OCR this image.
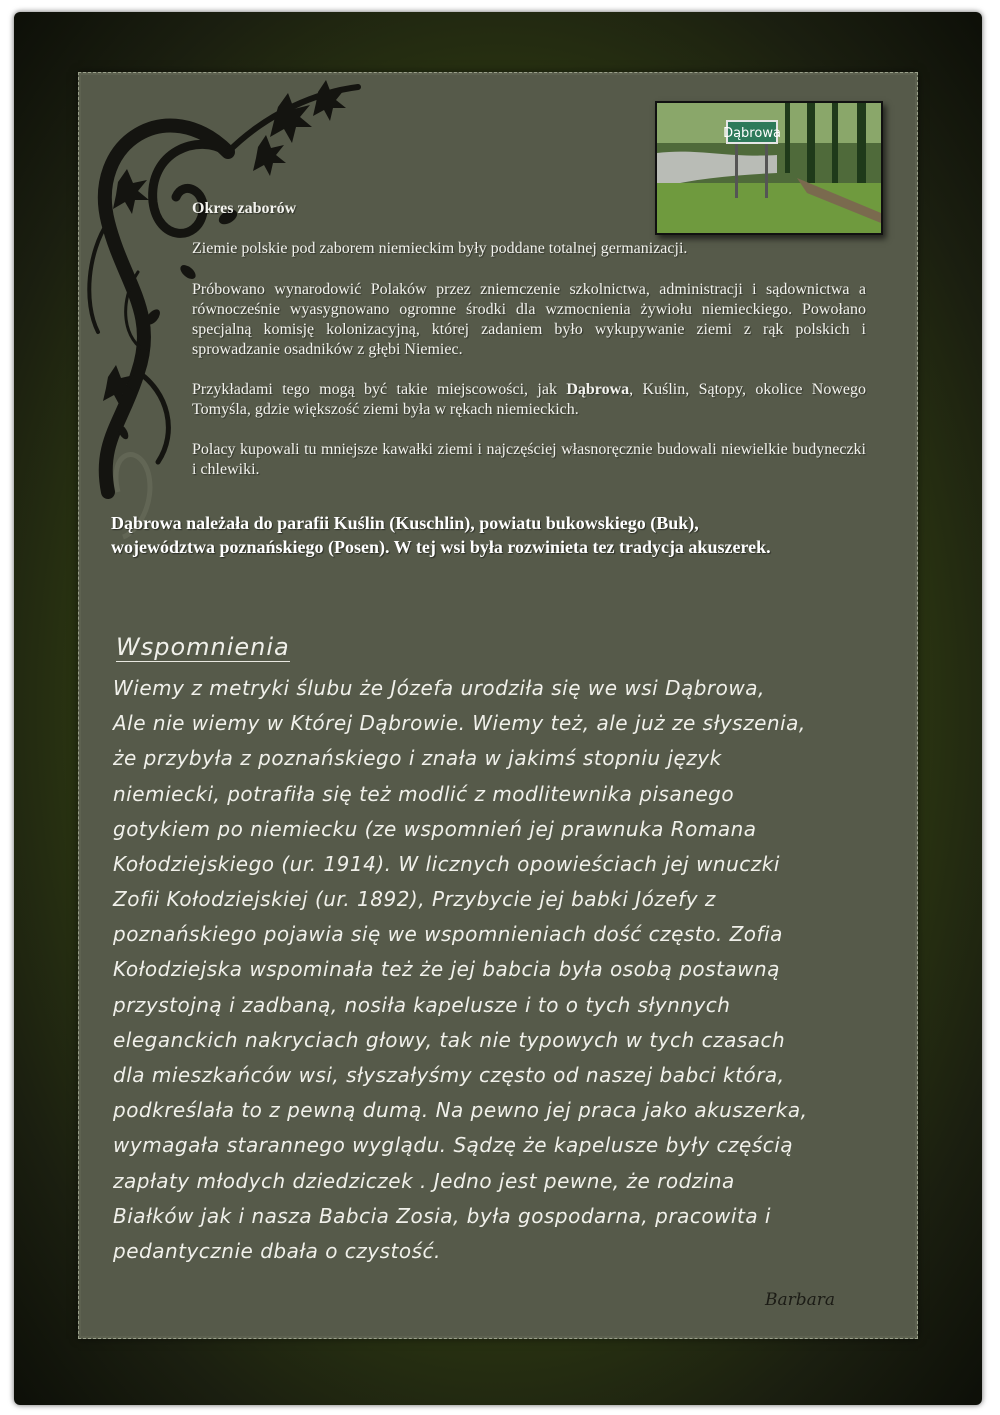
Dąbrowa
Okres zaborów
Ziemie polskie pod zaborem niemieckim były poddane totalnej germanizacji.
Próbowano wynarodowić Polaków przez zniemczenie szkolnictwa, administracji i sądownictwa a równocześnie wyasygnowano ogromne środki dla wzmocnienia żywiołu niemieckiego. Powołano specjalną komisję kolonizacyjną, której zadaniem było wykupywanie ziemi z rąk polskich i sprowadzanie osadników z głębi Niemiec.
Przykładami tego mogą być takie miejscowości, jak Dąbrowa, Kuślin, Sątopy, okolice Nowego Tomyśla, gdzie większość ziemi była w rękach niemieckich.
Polacy kupowali tu mniejsze kawałki ziemi i najczęściej własnoręcznie budowali niewielkie budyneczki i chlewiki.
Dąbrowa należała do parafii Kuślin (Kuschlin), powiatu bukowskiego (Buk),
województwa poznańskiego (Posen). W tej wsi była rozwinieta tez tradycja akuszerek.
Wspomnienia
Wiemy z metryki ślubu że Józefa urodziła się we wsi Dąbrowa,
Ale nie wiemy w Której Dąbrowie. Wiemy też, ale już ze słyszenia,
że przybyła z poznańskiego i znała w jakimś stopniu język
niemiecki, potrafiła się też modlić z modlitewnika pisanego
gotykiem po niemiecku (ze wspomnień jej prawnuka Romana
Kołodziejskiego (ur. 1914). W licznych opowieściach jej wnuczki
Zofii Kołodziejskiej (ur. 1892), Przybycie jej babki Józefy z
poznańskiego pojawia się we wspomnieniach dość często. Zofia
Kołodziejska wspominała też że jej babcia była osobą postawną
przystojną i zadbaną, nosiła kapelusze i to o tych słynnych
eleganckich nakryciach głowy, tak nie typowych w tych czasach
dla mieszkańców wsi, słyszałyśmy często od naszej babci która,
podkreślała to z pewną dumą. Na pewno jej praca jako akuszerka,
wymagała starannego wyglądu. Sądzę że kapelusze były częścią
zapłaty młodych dziedziczek . Jedno jest pewne, że rodzina
Białków jak i nasza Babcia Zosia, była gospodarna, pracowita i
pedantycznie dbała o czystość.
Barbara
